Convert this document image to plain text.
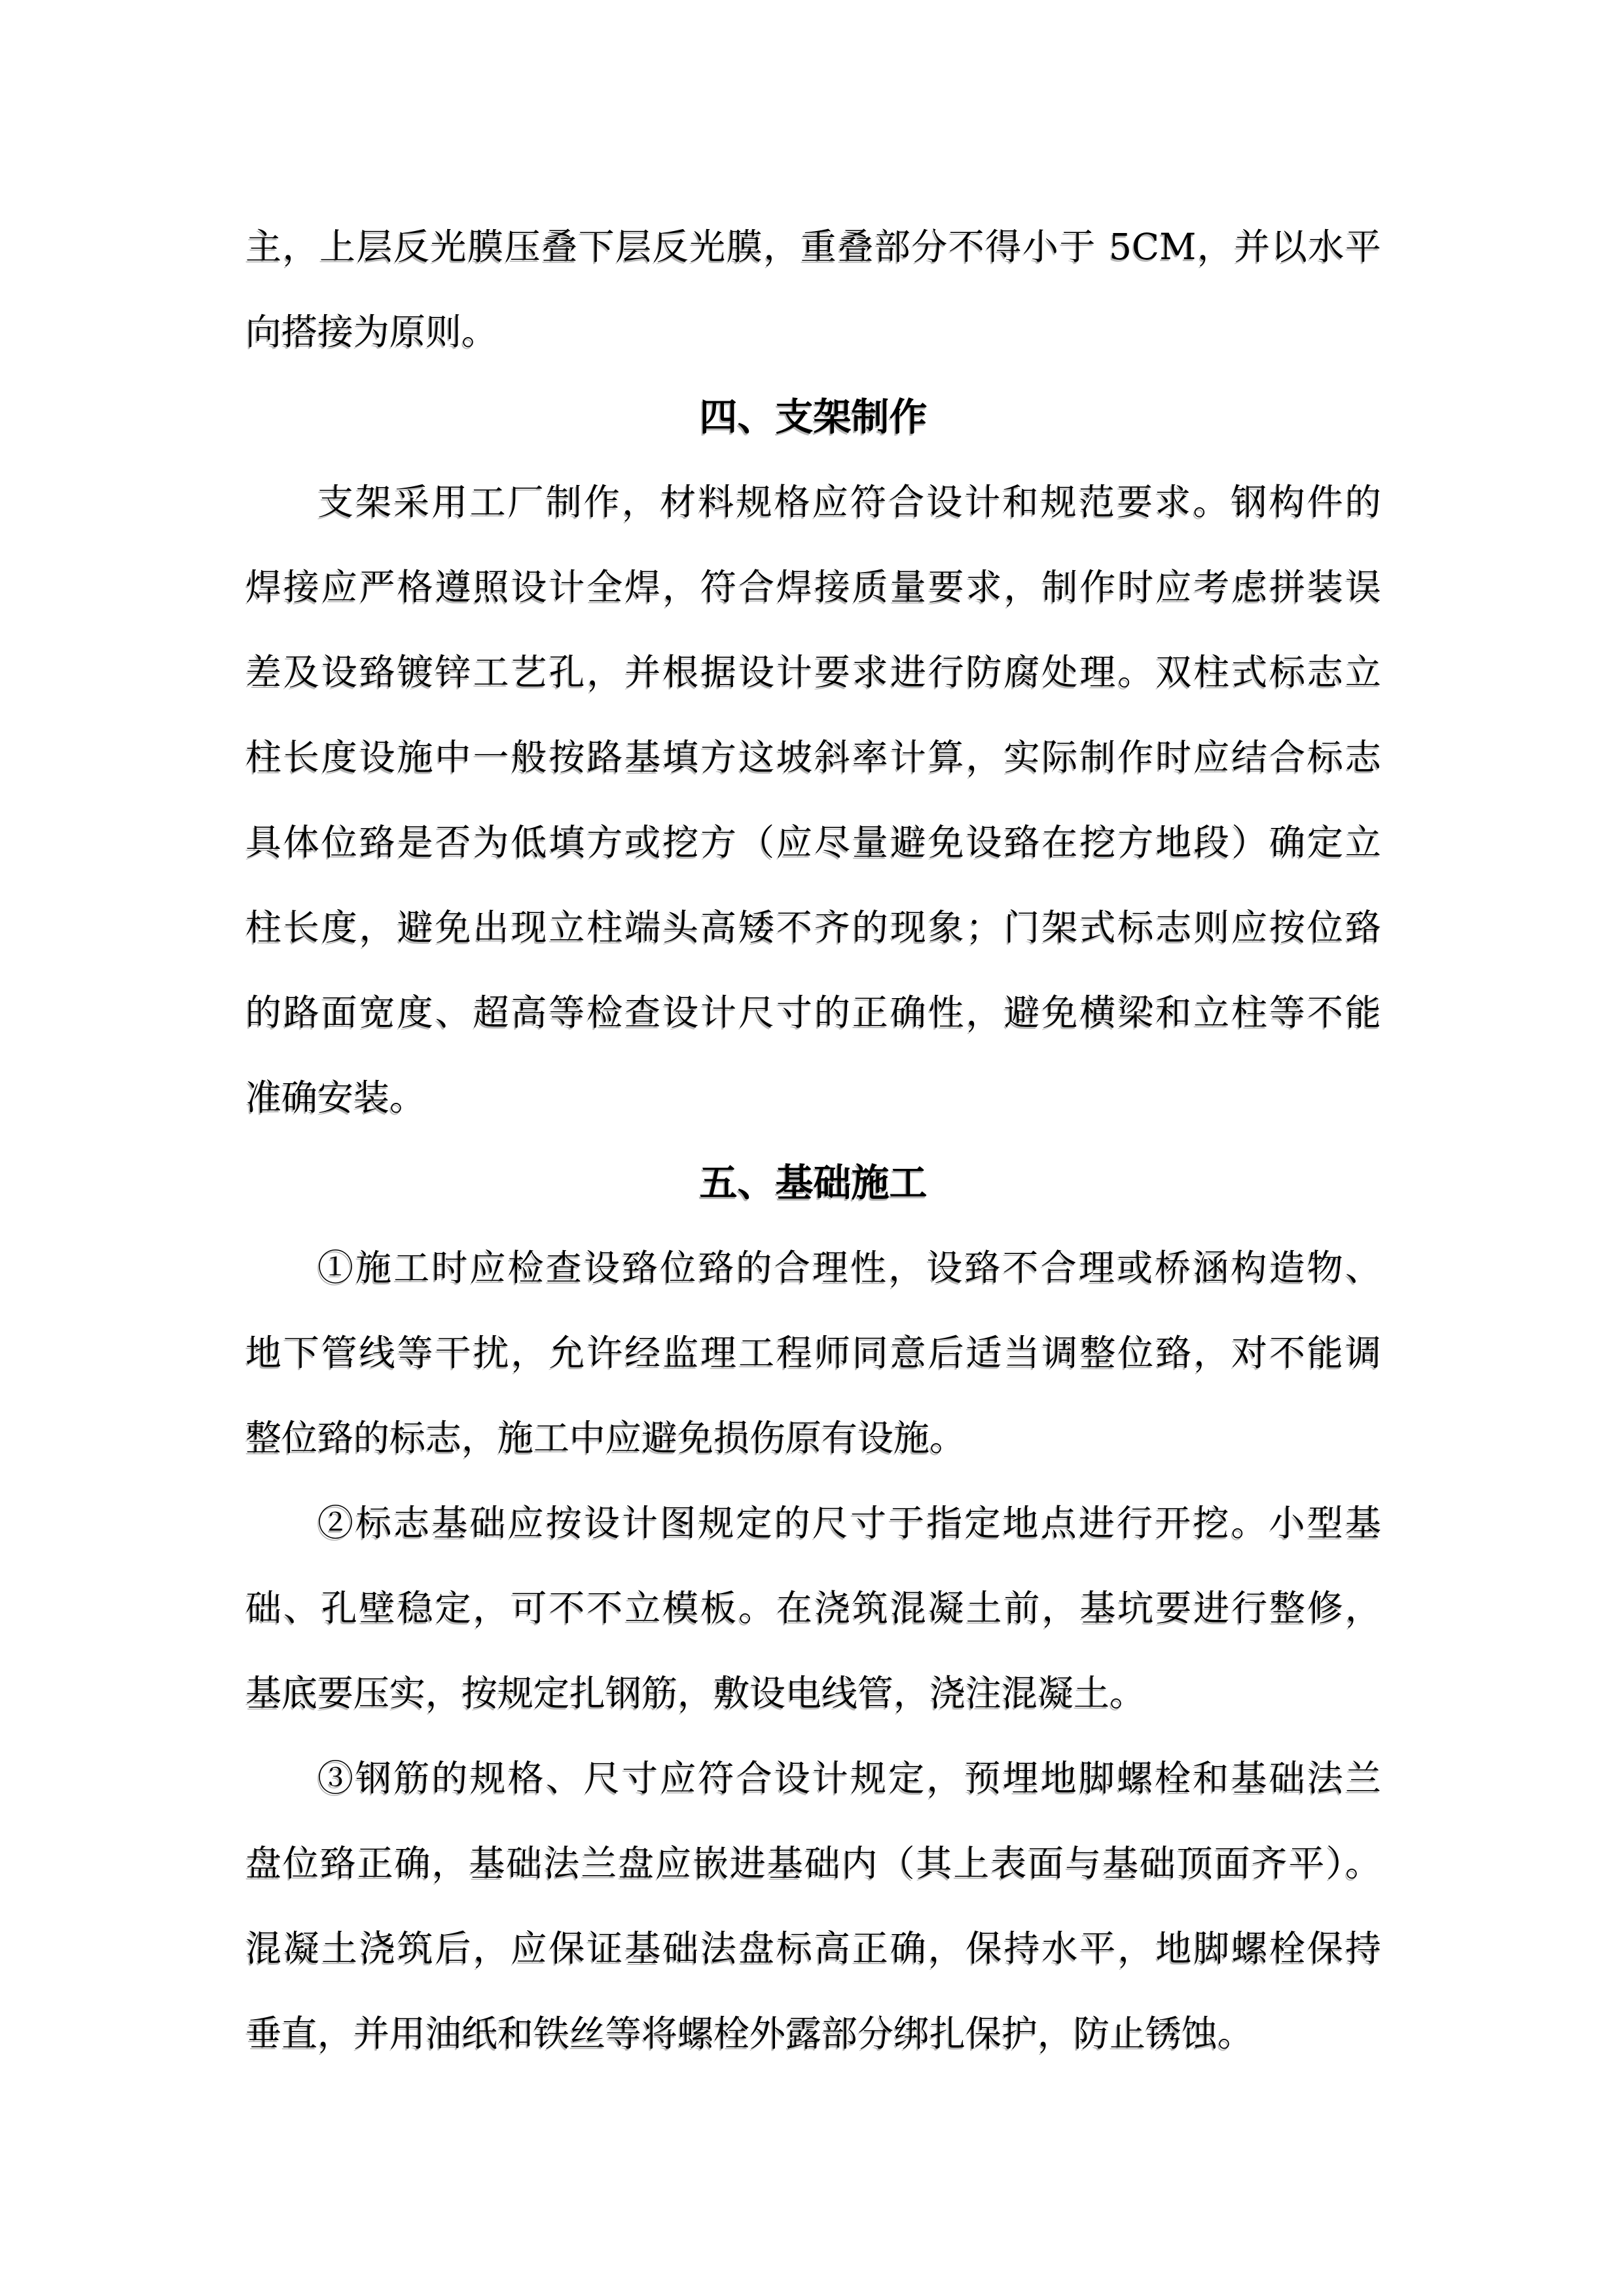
主，上层反光膜压叠下层反光膜，重叠部分不得小于 5CM，并以水平
向搭接为原则。
四、支架制作
支架采用工厂制作，材料规格应符合设计和规范要求。钢构件的
焊接应严格遵照设计全焊，符合焊接质量要求，制作时应考虑拼装误
差及设臵镀锌工艺孔，并根据设计要求进行防腐处理。双柱式标志立
柱长度设施中一般按路基填方这坡斜率计算，实际制作时应结合标志
具体位臵是否为低填方或挖方（应尽量避免设臵在挖方地段）确定立
柱长度，避免出现立柱端头高矮不齐的现象；门架式标志则应按位臵
的路面宽度、超高等检查设计尺寸的正确性，避免横梁和立柱等不能
准确安装。
五、基础施工
①施工时应检查设臵位臵的合理性，设臵不合理或桥涵构造物、
地下管线等干扰，允许经监理工程师同意后适当调整位臵，对不能调
整位臵的标志，施工中应避免损伤原有设施。
②标志基础应按设计图规定的尺寸于指定地点进行开挖。小型基
础、孔壁稳定，可不不立模板。在浇筑混凝土前，基坑要进行整修，
基底要压实，按规定扎钢筋，敷设电线管，浇注混凝土。
③钢筋的规格、尺寸应符合设计规定，预埋地脚螺栓和基础法兰
盘位臵正确，基础法兰盘应嵌进基础内（其上表面与基础顶面齐平）。
混凝土浇筑后，应保证基础法盘标高正确，保持水平，地脚螺栓保持
垂直，并用油纸和铁丝等将螺栓外露部分绑扎保护，防止锈蚀。
